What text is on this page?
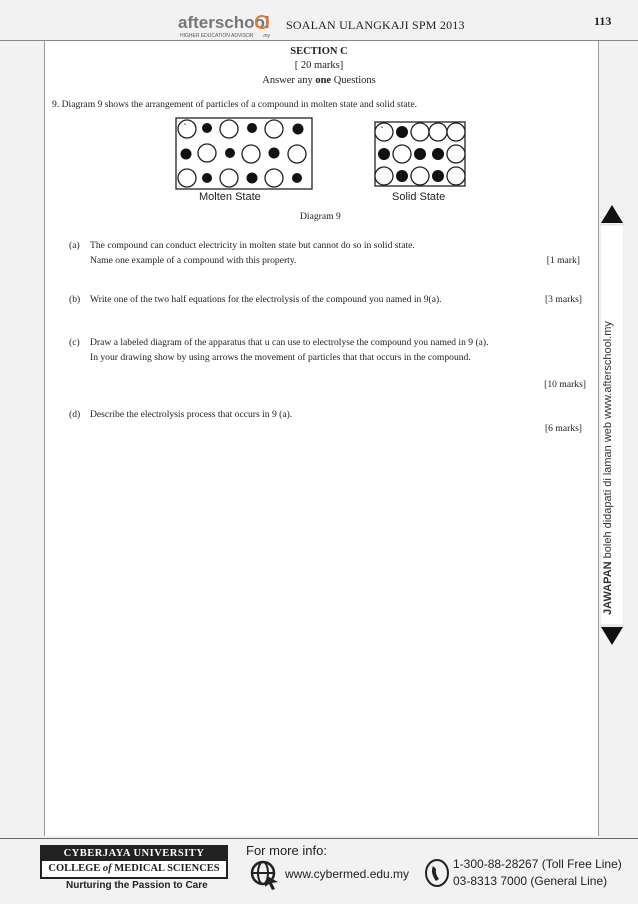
afterschool
HIGHER EDUCATION ADVISOR .my
SOALAN ULANGKAJI SPM 2013	113
SECTION C
[ 20 marks]
Answer any one Questions
9. Diagram 9 shows the arrangement of particles of a compound in molten state and solid state.
"	"
Molten State	Solid State
Diagram 9
(a) The compound can conduct electricity in molten state but cannot do so in solid state.
Name one example of a compound with this property.	[1 mark]
(b) Write one of the two half equations for the electrolysis of the compound you named in 9(a).	[3 marks]
(c) Draw a labeled diagram of the apparatus that u can use to electrolyse the compound you named in 9 (a).
In your drawing show by using arrows the movement of particles that that occurs in the compound.
[10 marks]
(d) Describe the electrolysis process that occurs in 9 (a).
[6 marks]
JAWAPAN boleh didapati di laman web www.afterschool.my
CYBERJAYA UNIVERSITY
COLLEGE of MEDICAL SCIENCES
Nurturing the Passion to Care
For more info:
www.cybermed.edu.my
1-300-88-28267 (Toll Free Line)
03-8313 7000 (General Line)
